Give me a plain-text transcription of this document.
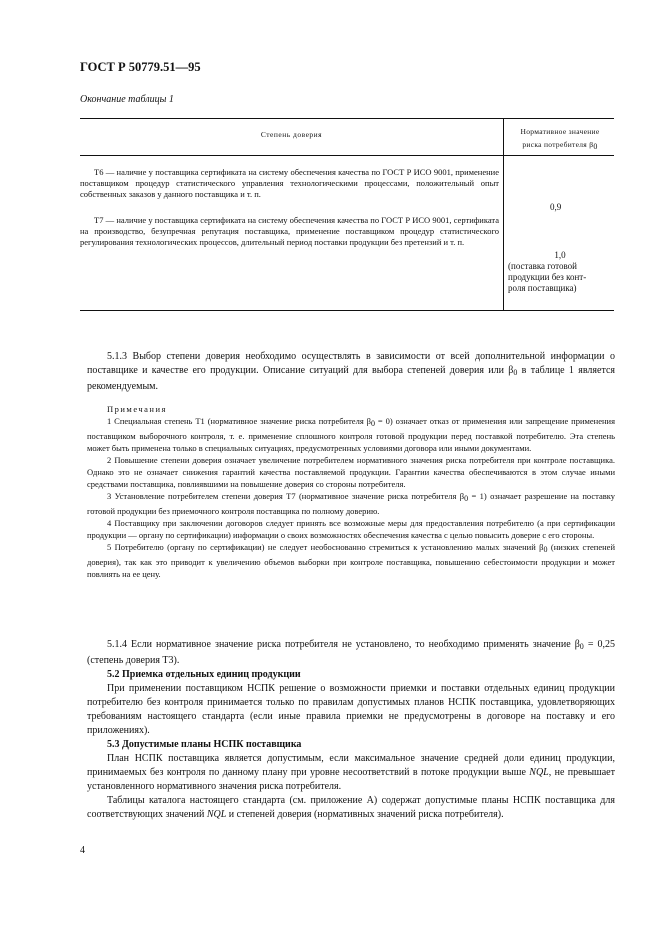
ГОСТ Р 50779.51—95
Окончание таблицы 1
Степень доверия	Нормативное значение
риска потребителя $\beta_0$

Т6 — наличие у поставщика сертификата на систему обеспечения качества по ГОСТ Р ИСО 9001, применение поставщиком процедур статистического управления технологическими процессами, положительный опыт собственных заказов у данного поставщика и т. п.

Т7 — наличие у поставщика сертификата на систему обеспечения качества по ГОСТ Р ИСО 9001, сертификата на производство, безупречная репутация поставщика, применение поставщиком процедур статистического регулирования технологических процессов, длительный период поставки продукции без претензий и т. п.

0,9
1,0
(поставка готовой
продукции без конт-
роля поставщика)

5.1.3 Выбор степени доверия необходимо осуществлять в зависимости от всей дополнительной информации о поставщике и качестве его продукции. Описание ситуаций для выбора степеней доверия или $\beta_0$ в таблице 1 является рекомендуемым.

Примечания

1 Специальная степень Т1 (нормативное значение риска потребителя $\beta_0 = 0$) означает отказ от применения или запрещение применения поставщиком выборочного контроля, т. е. применение сплошного контроля готовой продукции перед поставкой потребителю. Эта степень может быть применена только в специальных ситуациях, предусмотренных условиями договора или иными документами.

2 Повышение степени доверия означает увеличение потребителем нормативного значения риска потребителя при контроле поставщика. Однако это не означает снижения гарантий качества поставляемой продукции. Гарантии качества обеспечиваются в этом случае иными средствами поставщика, повлиявшими на повышение доверия со стороны потребителя.

3 Установление потребителем степени доверия Т7 (нормативное значение риска потребителя $\beta_0 = 1$) означает разрешение на поставку готовой продукции без приемочного контроля поставщика по полному доверию.

4 Поставщику при заключении договоров следует принять все возможные меры для предоставления потребителю (а при сертификации продукции — органу по сертификации) информации о своих возможностях обеспечения качества с целью повысить доверие с его стороны.

5 Потребителю (органу по сертификации) не следует необоснованно стремиться к установлению малых значений $\beta_0$ (низких степеней доверия), так как это приводит к увеличению объемов выборки при контроле поставщика, повышению себестоимости продукции и может повлиять на ее цену.

5.1.4 Если нормативное значение риска потребителя не установлено, то необходимо применять значение $\beta_0 = 0,25$ (степень доверия Т3).

5.2 Приемка отдельных единиц продукции

При применении поставщиком НСПК решение о возможности приемки и поставки отдельных единиц продукции потребителю без контроля принимается только по правилам допустимых планов НСПК поставщика, удовлетворяющих требованиям настоящего стандарта (если иные правила приемки не предусмотрены в договоре на поставку и его приложениях).

5.3 Допустимые планы НСПК поставщика

План НСПК поставщика является допустимым, если максимальное значение средней доли единиц продукции, принимаемых без контроля по данному плану при уровне несоответствий в потоке продукции выше NQL, не превышает установленного нормативного значения риска потребителя.

Таблицы каталога настоящего стандарта (см. приложение А) содержат допустимые планы НСПК поставщика для соответствующих значений NQL и степеней доверия (нормативных значений риска потребителя).

4
